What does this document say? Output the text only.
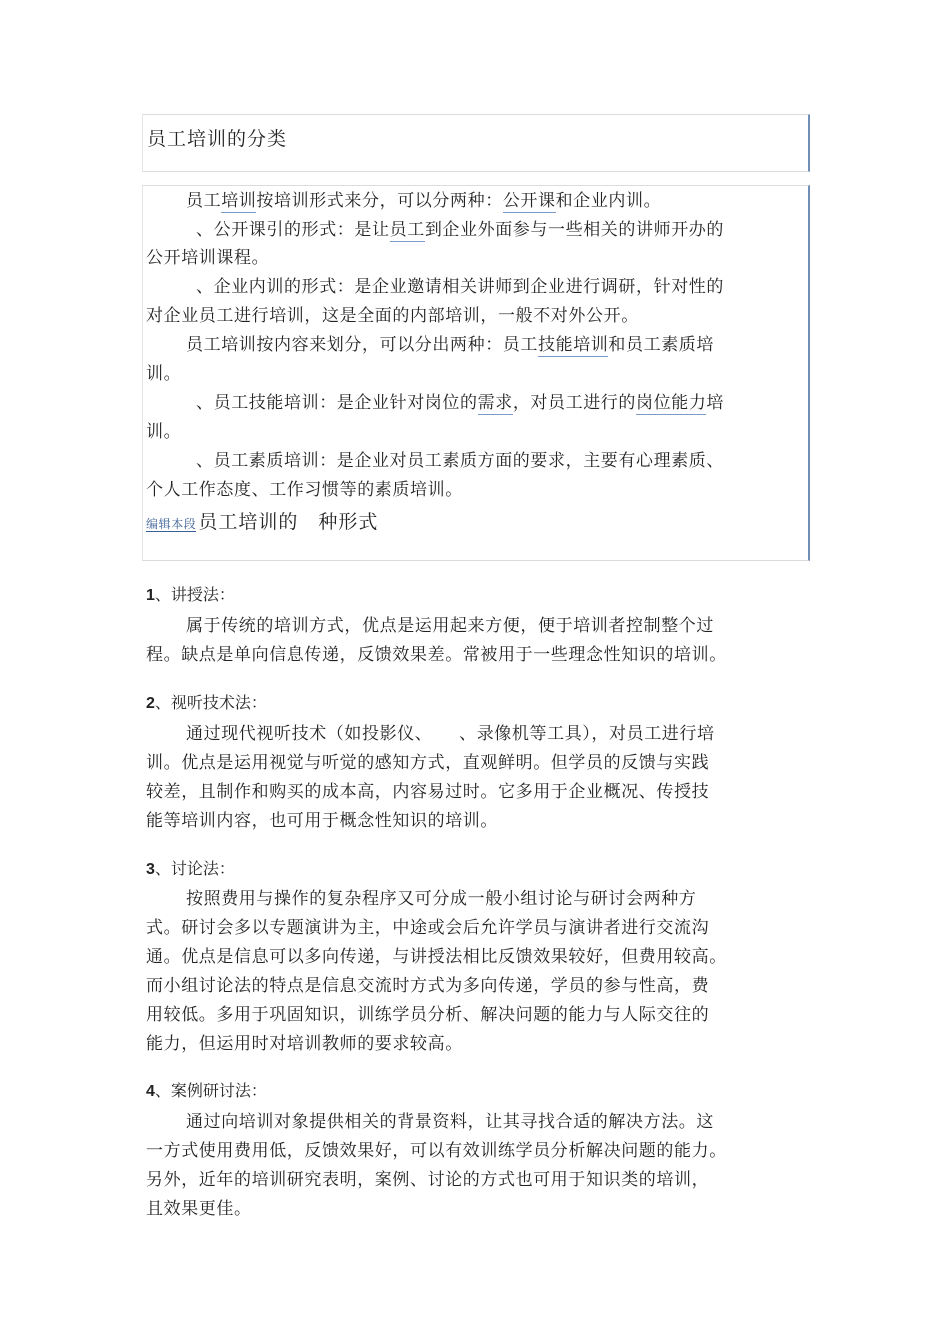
员工培训的分类
员工培训按培训形式来分，可以分两种：公开课和企业内训。
、公开课引的形式：是让员工到企业外面参与一些相关的讲师开办的
公开培训课程。
、企业内训的形式：是企业邀请相关讲师到企业进行调研，针对性的
对企业员工进行培训，这是全面的内部培训，一般不对外公开。
员工培训按内容来划分，可以分出两种：员工技能培训和员工素质培
训。
、员工技能培训：是企业针对岗位的需求，对员工进行的岗位能力培
训。
、员工素质培训：是企业对员工素质方面的要求，主要有心理素质、
个人工作态度、工作习惯等的素质培训。
编辑本段 员工培训的　种形式
1、讲授法：
属于传统的培训方式，优点是运用起来方便，便于培训者控制整个过
程。缺点是单向信息传递，反馈效果差。常被用于一些理念性知识的培训。
2、视听技术法：
通过现代视听技术（如投影仪、　　、录像机等工具），对员工进行培
训。优点是运用视觉与听觉的感知方式，直观鲜明。但学员的反馈与实践
较差，且制作和购买的成本高，内容易过时。它多用于企业概况、传授技
能等培训内容，也可用于概念性知识的培训。
3、讨论法：
按照费用与操作的复杂程序又可分成一般小组讨论与研讨会两种方
式。研讨会多以专题演讲为主，中途或会后允许学员与演讲者进行交流沟
通。优点是信息可以多向传递，与讲授法相比反馈效果较好，但费用较高。
而小组讨论法的特点是信息交流时方式为多向传递，学员的参与性高，费
用较低。多用于巩固知识，训练学员分析、解决问题的能力与人际交往的
能力，但运用时对培训教师的要求较高。
4、案例研讨法：
通过向培训对象提供相关的背景资料，让其寻找合适的解决方法。这
一方式使用费用低，反馈效果好，可以有效训练学员分析解决问题的能力。
另外，近年的培训研究表明，案例、讨论的方式也可用于知识类的培训，
且效果更佳。
